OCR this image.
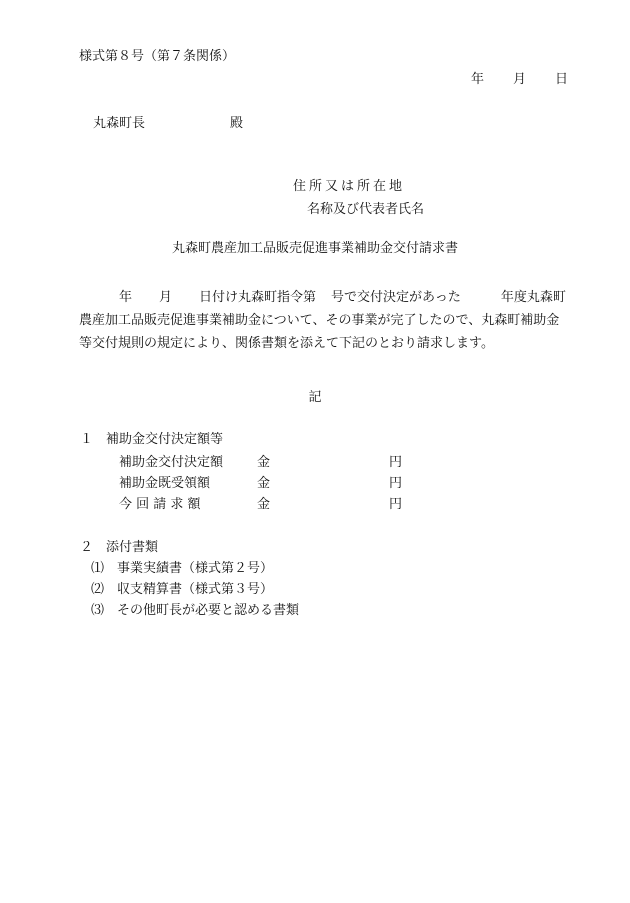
様式第８号（第７条関係）
年 月 日
丸森町長	殿
住所又は所在地
名称及び代表者氏名
丸森町農産加工品販売促進事業補助金交付請求書

年 月 日付け丸森町指令第 号で交付決定があった	年度丸森町

農産加工品販売促進事業補助金について、その事業が完了したので、丸森町補助金

等交付規則の規定により、関係書類を添えて下記のとおり請求します。

記
１　補助金交付決定額等
補助金交付決定額	金	円
補助金既受領額	金	円
今 回 請 求 額	金	円
２　添付書類
⑴ 事業実績書（様式第２号）
⑵ 収支精算書（様式第３号）
⑶ その他町長が必要と認める書類
